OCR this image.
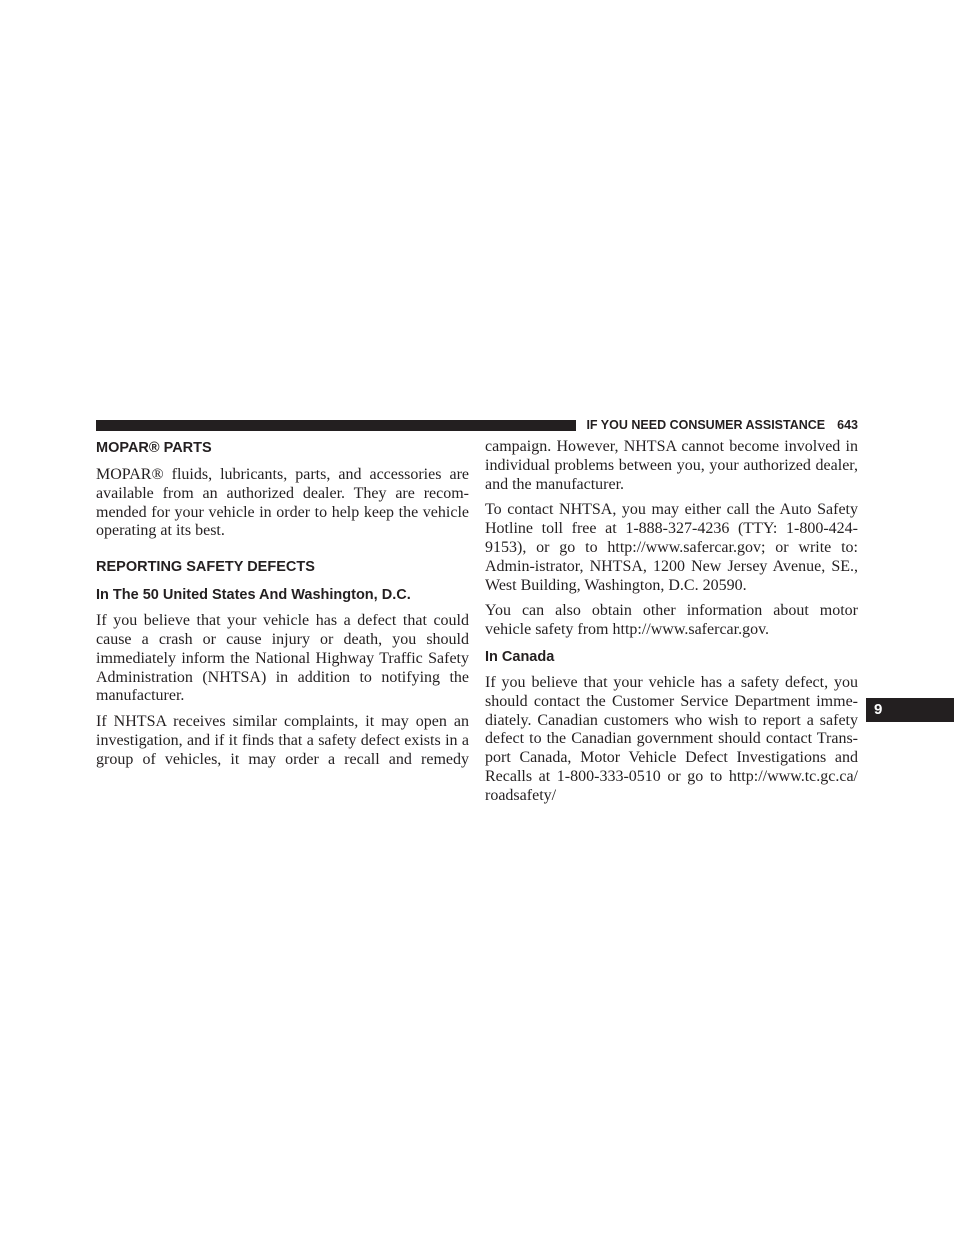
IF YOU NEED CONSUMER ASSISTANCE 643
MOPAR® PARTS

MOPAR® fluids, lubricants, parts, and accessories are available from an authorized dealer. They are recom-mended for your vehicle in order to help keep the vehicle operating at its best.

REPORTING SAFETY DEFECTS
In The 50 United States And Washington, D.C.

If you believe that your vehicle has a defect that could cause a crash or cause injury or death, you should immediately inform the National Highway Traffic Safety Administration (NHTSA) in addition to notifying the manufacturer.

If NHTSA receives similar complaints, it may open an investigation, and if it finds that a safety defect exists in a group of vehicles, it may order a recall and remedy

campaign. However, NHTSA cannot become involved in individual problems between you, your authorized dealer, and the manufacturer.

To contact NHTSA, you may either call the Auto Safety Hotline toll free at 1-888-327-4236 (TTY: 1-800-424- 9153), or go to http://www.safercar.gov; or write to: Admin-istrator, NHTSA, 1200 New Jersey Avenue, SE., West Building, Washington, D.C. 20590.

You can also obtain other information about motor vehicle safety from http://www.safercar.gov.

In Canada

If you believe that your vehicle has a safety defect, you should contact the Customer Service Department imme-diately. Canadian customers who wish to report a safety defect to the Canadian government should contact Trans-port Canada, Motor Vehicle Defect Investigations and Recalls at 1-800-333-0510 or go to http://www.tc.gc.ca/ roadsafety/

9
